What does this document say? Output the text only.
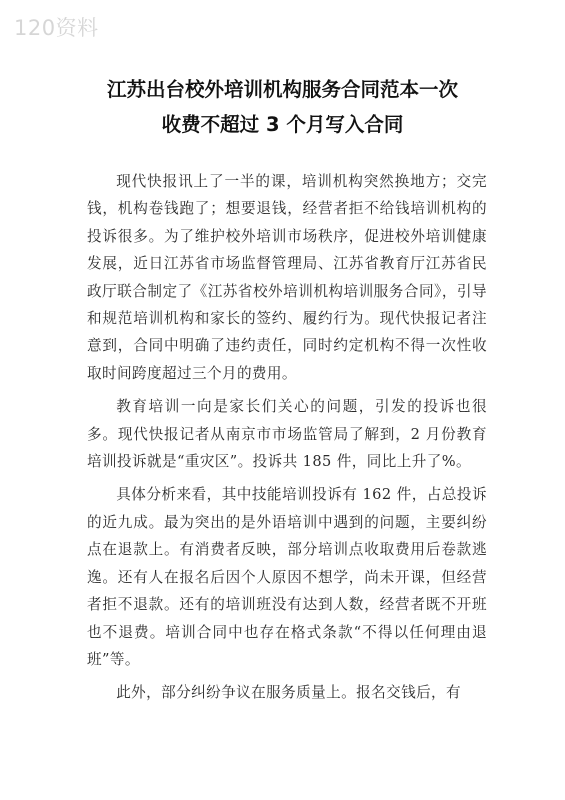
120资料
江苏出台校外培训机构服务合同范本一次
收费不超过 3 个月写入合同

现代快报讯上了一半的课，培训机构突然换地方；交完钱，机构卷钱跑了；想要退钱，经营者拒不给钱培训机构的投诉很多。为了维护校外培训市场秩序，促进校外培训健康发展，近日江苏省市场监督管理局、江苏省教育厅江苏省民政厅联合制定了《江苏省校外培训机构培训服务合同》，引导和规范培训机构和家长的签约、履约行为。现代快报记者注意到，合同中明确了违约责任，同时约定机构不得一次性收取时间跨度超过三个月的费用。

教育培训一向是家长们关心的问题，引发的投诉也很多。现代快报记者从南京市市场监管局了解到，2 月份教育培训投诉就是“重灾区”。投诉共 185 件，同比上升了%。

具体分析来看，其中技能培训投诉有 162 件，占总投诉的近九成。最为突出的是外语培训中遇到的问题，主要纠纷点在退款上。有消费者反映，部分培训点收取费用后卷款逃逸。还有人在报名后因个人原因不想学，尚未开课，但经营者拒不退款。还有的培训班没有达到人数，经营者既不开班也不退费。培训合同中也存在格式条款“不得以任何理由退班”等。

此外，部分纠纷争议在服务质量上。报名交钱后，有
